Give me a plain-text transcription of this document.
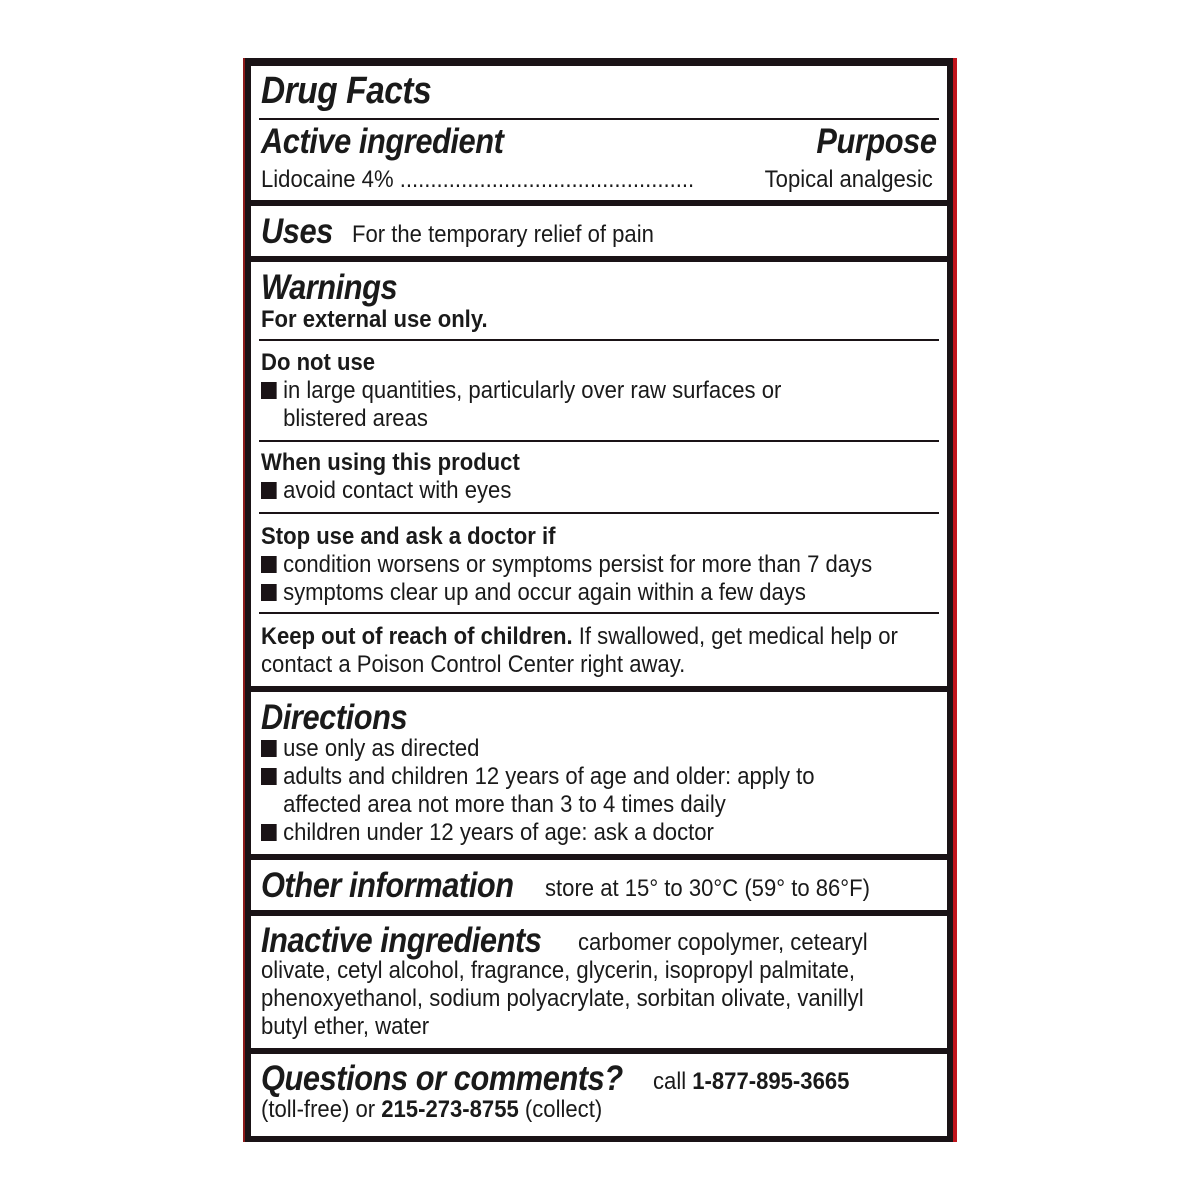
Drug Facts
Active ingredient	Purpose
Lidocaine 4% ................................................	Topical analgesic
Uses For the temporary relief of pain
Warnings
For external use only.
Do not use
in large quantities, particularly over raw surfaces or
blistered areas
When using this product
avoid contact with eyes
Stop use and ask a doctor if
condition worsens or symptoms persist for more than 7 days
symptoms clear up and occur again within a few days
Keep out of reach of children. If swallowed, get medical help or
contact a Poison Control Center right away.
Directions
use only as directed
adults and children 12 years of age and older: apply to
affected area not more than 3 to 4 times daily
children under 12 years of age: ask a doctor
Other information	store at 15° to 30°C (59° to 86°F)
Inactive ingredients	carbomer copolymer, cetearyl
olivate, cetyl alcohol, fragrance, glycerin, isopropyl palmitate,
phenoxyethanol, sodium polyacrylate, sorbitan olivate, vanillyl
butyl ether, water
Questions or comments?	call 1-877-895-3665
(toll-free) or 215-273-8755 (collect)
